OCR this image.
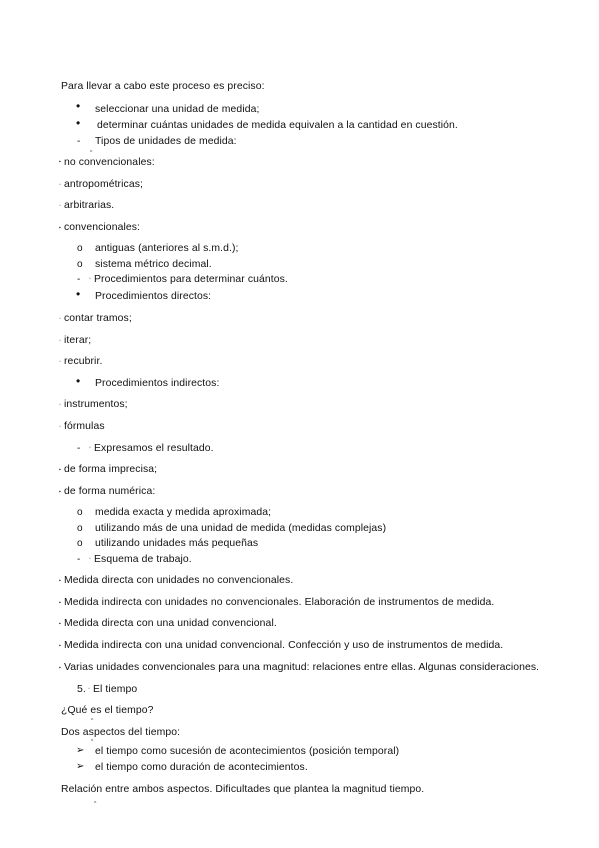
Para llevar a cabo este proceso es preciso:
• seleccionar una unidad de medida;
• determinar cuántas unidades de medida equivalen a la cantidad en cuestión.
- Tipos de unidades de medida:
^
▪ no convencionales:
▫ antropométricas;
▫ arbitrarias.
▪ convencionales:
o antiguas (anteriores al s.m.d.);
o sistema métrico decimal.
- ▫ Procedimientos para determinar cuántos.
• Procedimientos directos:
▫ contar tramos;
▫ iterar;
▫ recubrir.
• Procedimientos indirectos:
▫ instrumentos;
▫ fórmulas
- ▫ Expresamos el resultado.
▪ de forma imprecisa;
▪ de forma numérica:
o medida exacta y medida aproximada;
o utilizando más de una unidad de medida (medidas complejas)
o utilizando unidades más pequeñas
- ▫ Esquema de trabajo.
▪ Medida directa con unidades no convencionales.
▪ Medida indirecta con unidades no convencionales. Elaboración de instrumentos de medida.
▪ Medida directa con una unidad convencional.
▪ Medida indirecta con una unidad convencional. Confección y uso de instrumentos de medida.
▪ Varias unidades convencionales para una magnitud: relaciones entre ellas. Algunas consideraciones.
5. ▫ El tiempo
¿Qué es el tiempo?
^
Dos aspectos del tiempo:
^
➢ el tiempo como sucesión de acontecimientos (posición temporal)
➢ el tiempo como duración de acontecimientos.
Relación entre ambos aspectos. Dificultades que plantea la magnitud tiempo.
^
